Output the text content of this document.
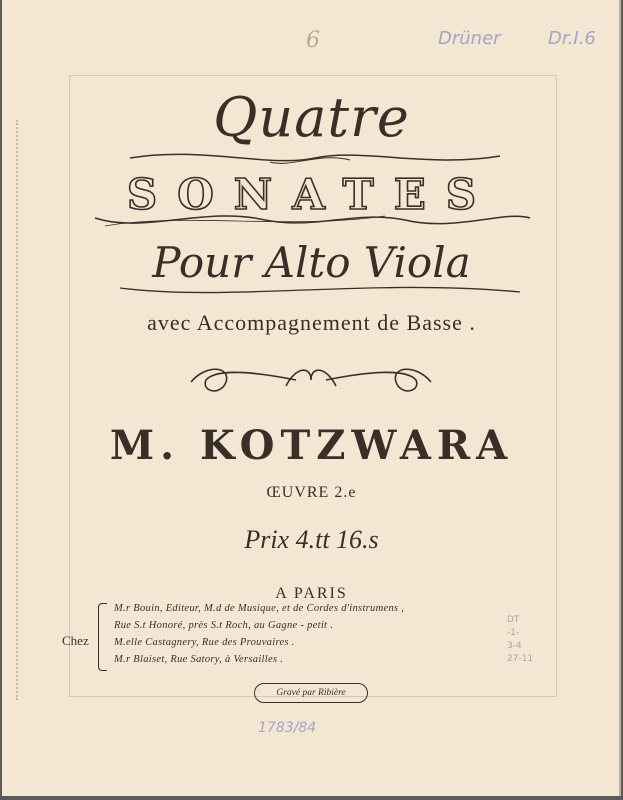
6	Drüner	Dr.I.6
Quatre
SONATES
Pour Alto Viola
avec Accompagnement de Basse .
M. KOTZWARA
ŒUVRE 2.e
Prix 4.tt 16.s
A PARIS
Chez
M.r Bouin, Editeur, M.d de Musique, et de Cordes d'instrumens ,
Rue S.t Honoré, près S.t Roch, au Gagne - petit .
M.elle Castagnery, Rue des Prouvaires .
M.r Blaiset, Rue Satory, à Versailles .
DT
-1-
3-4
27-11
Gravé par Ribière
1783/84
